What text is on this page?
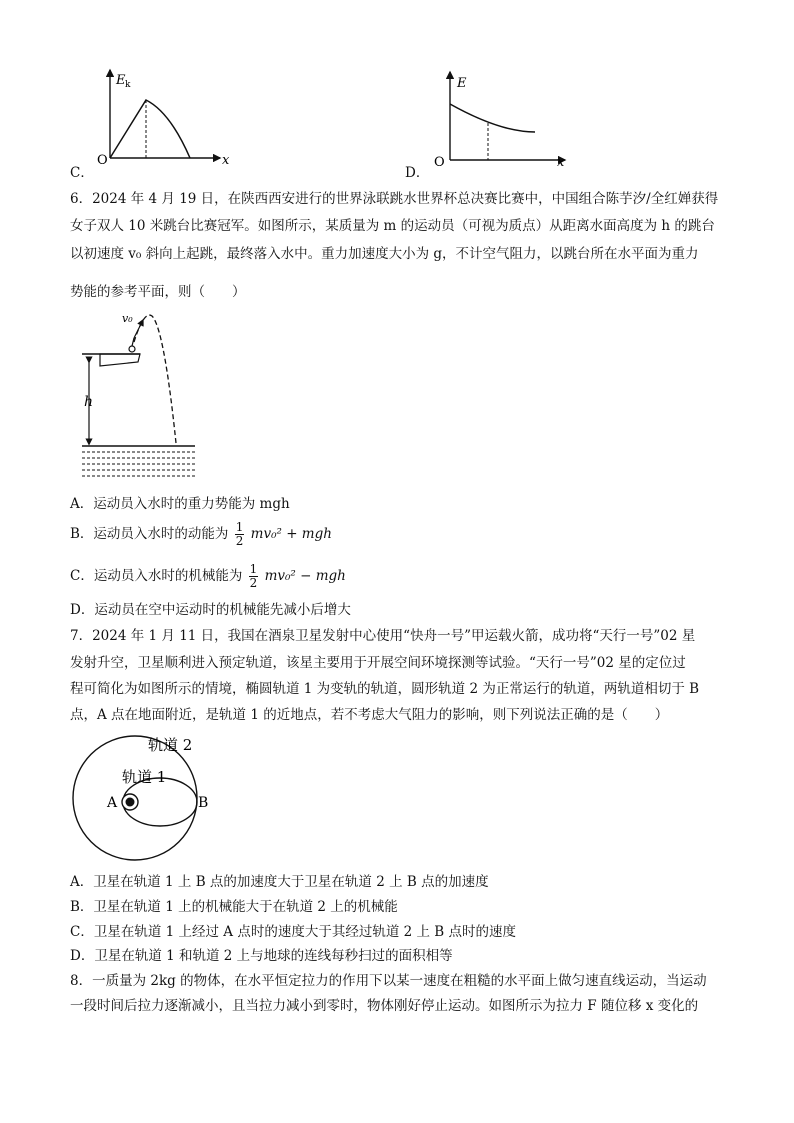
E k
O	x
C．
E
O	x
D．
6．2024 年 4 月 19 日，在陕西西安进行的世界泳联跳水世界杯总决赛比赛中，中国组合陈芋汐/全红婵获得
女子双人 10 米跳台比赛冠军。如图所示，某质量为 m 的运动员（可视为质点）从距离水面高度为 h 的跳台
以初速度 v₀ 斜向上起跳，最终落入水中。重力加速度大小为 g，不计空气阻力，以跳台所在水平面为重力
势能的参考平面，则（　　）
v₀
h
A．运动员入水时的重力势能为 mgh
B．运动员入水时的动能为 $\frac{1}{2} mv_0^2$ + mgh
C．运动员入水时的机械能为 $\frac{1}{2} mv_0^2$ − mgh
D．运动员在空中运动时的机械能先减小后增大
7．2024 年 1 月 11 日，我国在酒泉卫星发射中心使用“快舟一号”甲运载火箭，成功将“天行一号”02 星
发射升空，卫星顺利进入预定轨道，该星主要用于开展空间环境探测等试验。“天行一号”02 星的定位过
程可简化为如图所示的情境，椭圆轨道 1 为变轨的轨道，圆形轨道 2 为正常运行的轨道，两轨道相切于 B
点，A 点在地面附近，是轨道 1 的近地点，若不考虑大气阻力的影响，则下列说法正确的是（　　）
轨道 2
轨道 1
A	B
A．卫星在轨道 1 上 B 点的加速度大于卫星在轨道 2 上 B 点的加速度
B．卫星在轨道 1 上的机械能大于在轨道 2 上的机械能
C．卫星在轨道 1 上经过 A 点时的速度大于其经过轨道 2 上 B 点时的速度
D．卫星在轨道 1 和轨道 2 上与地球的连线每秒扫过的面积相等
8．一质量为 2kg 的物体，在水平恒定拉力的作用下以某一速度在粗糙的水平面上做匀速直线运动，当运动
一段时间后拉力逐渐减小，且当拉力减小到零时，物体刚好停止运动。如图所示为拉力 F 随位移 x 变化的
